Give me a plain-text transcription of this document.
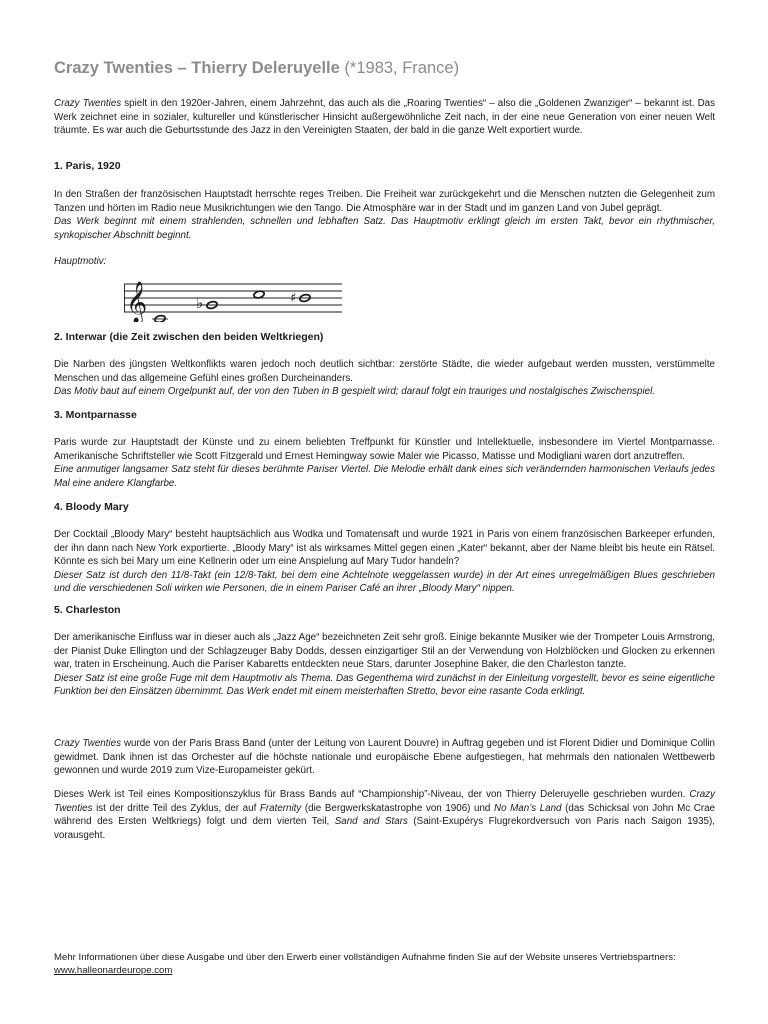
Crazy Twenties – Thierry Deleruyelle (*1983, France)

Crazy Twenties spielt in den 1920er-Jahren, einem Jahrzehnt, das auch als die „Roaring Twenties“ – also die „Goldenen Zwanziger“ – bekannt ist. Das Werk zeichnet eine in sozialer, kultureller und künstlerischer Hinsicht außergewöhnliche Zeit nach, in der eine neue Generation von einer neuen Welt träumte. Es war auch die Geburtsstunde des Jazz in den Vereinigten Staaten, der bald in die ganze Welt exportiert wurde.

1. Paris, 1920

In den Straßen der französischen Hauptstadt herrschte reges Treiben. Die Freiheit war zurückgekehrt und die Menschen nutzten die Gelegenheit zum Tanzen und hörten im Radio neue Musikrichtungen wie den Tango. Die Atmosphäre war in der Stadt und im ganzen Land von Jubel geprägt.

Das Werk beginnt mit einem strahlenden, schnellen und lebhaften Satz. Das Hauptmotiv erklingt gleich im ersten Takt, bevor ein rhythmischer, synkopischer Abschnitt beginnt.

Hauptmotiv:

𝄞	♭	♯

2. Interwar (die Zeit zwischen den beiden Weltkriegen)

Die Narben des jüngsten Weltkonflikts waren jedoch noch deutlich sichtbar: zerstörte Städte, die wieder aufgebaut werden mussten, verstümmelte Menschen und das allgemeine Gefühl eines großen Durcheinanders.

Das Motiv baut auf einem Orgelpunkt auf, der von den Tuben in B gespielt wird; darauf folgt ein trauriges und nostalgisches Zwischenspiel.

3. Montparnasse

Paris wurde zur Hauptstadt der Künste und zu einem beliebten Treffpunkt für Künstler und Intellektuelle, insbesondere im Viertel Montparnasse. Amerikanische Schriftsteller wie Scott Fitzgerald und Ernest Hemingway sowie Maler wie Picasso, Matisse und Modigliani waren dort anzutreffen.

Eine anmutiger langsamer Satz steht für dieses berühmte Pariser Viertel. Die Melodie erhält dank eines sich verändernden harmonischen Verlaufs jedes Mal eine andere Klangfarbe.

4. Bloody Mary

Der Cocktail „Bloody Mary“ besteht hauptsächlich aus Wodka und Tomatensaft und wurde 1921 in Paris von einem französischen Barkeeper erfunden, der ihn dann nach New York exportierte. „Bloody Mary“ ist als wirksames Mittel gegen einen „Kater“ bekannt, aber der Name bleibt bis heute ein Rätsel. Könnte es sich bei Mary um eine Kellnerin oder um eine Anspielung auf Mary Tudor handeln?

Dieser Satz ist durch den 11/8-Takt (ein 12/8-Takt, bei dem eine Achtelnote weggelassen wurde) in der Art eines unregelmäßigen Blues geschrieben und die verschiedenen Soli wirken wie Personen, die in einem Pariser Café an ihrer „Bloody Mary“ nippen.

5. Charleston

Der amerikanische Einfluss war in dieser auch als „Jazz Age“ bezeichneten Zeit sehr groß. Einige bekannte Musiker wie der Trompeter Louis Armstrong, der Pianist Duke Ellington und der Schlagzeuger Baby Dodds, dessen einzigartiger Stil an der Verwendung von Holzblöcken und Glocken zu erkennen war, traten in Erscheinung. Auch die Pariser Kabaretts entdeckten neue Stars, darunter Josephine Baker, die den Charleston tanzte.

Dieser Satz ist eine große Fuge mit dem Hauptmotiv als Thema. Das Gegenthema wird zunächst in der Einleitung vorgestellt, bevor es seine eigentliche Funktion bei den Einsätzen übernimmt. Das Werk endet mit einem meisterhaften Stretto, bevor eine rasante Coda erklingt.

Crazy Twenties wurde von der Paris Brass Band (unter der Leitung von Laurent Douvre) in Auftrag gegeben und ist Florent Didier und Dominique Collin gewidmet. Dank ihnen ist das Orchester auf die höchste nationale und europäische Ebene aufgestiegen, hat mehrmals den nationalen Wettbewerb gewonnen und wurde 2019 zum Vize-Europameister gekürt.

Dieses Werk ist Teil eines Kompositionszyklus für Brass Bands auf “Championship”-Niveau, der von Thierry Deleruyelle geschrieben wurden. Crazy Twenties ist der dritte Teil des Zyklus, der auf Fraternity (die Bergwerkskatastrophe von 1906) und No Man’s Land (das Schicksal von John Mc Crae während des Ersten Weltkriegs) folgt und dem vierten Teil, Sand and Stars (Saint-Exupérys Flugrekordversuch von Paris nach Saigon 1935), vorausgeht.

Mehr Informationen über diese Ausgabe und über den Erwerb einer vollständigen Aufnahme finden Sie auf der Website unseres Vertriebspartners:
www.halleonardeurope.com
